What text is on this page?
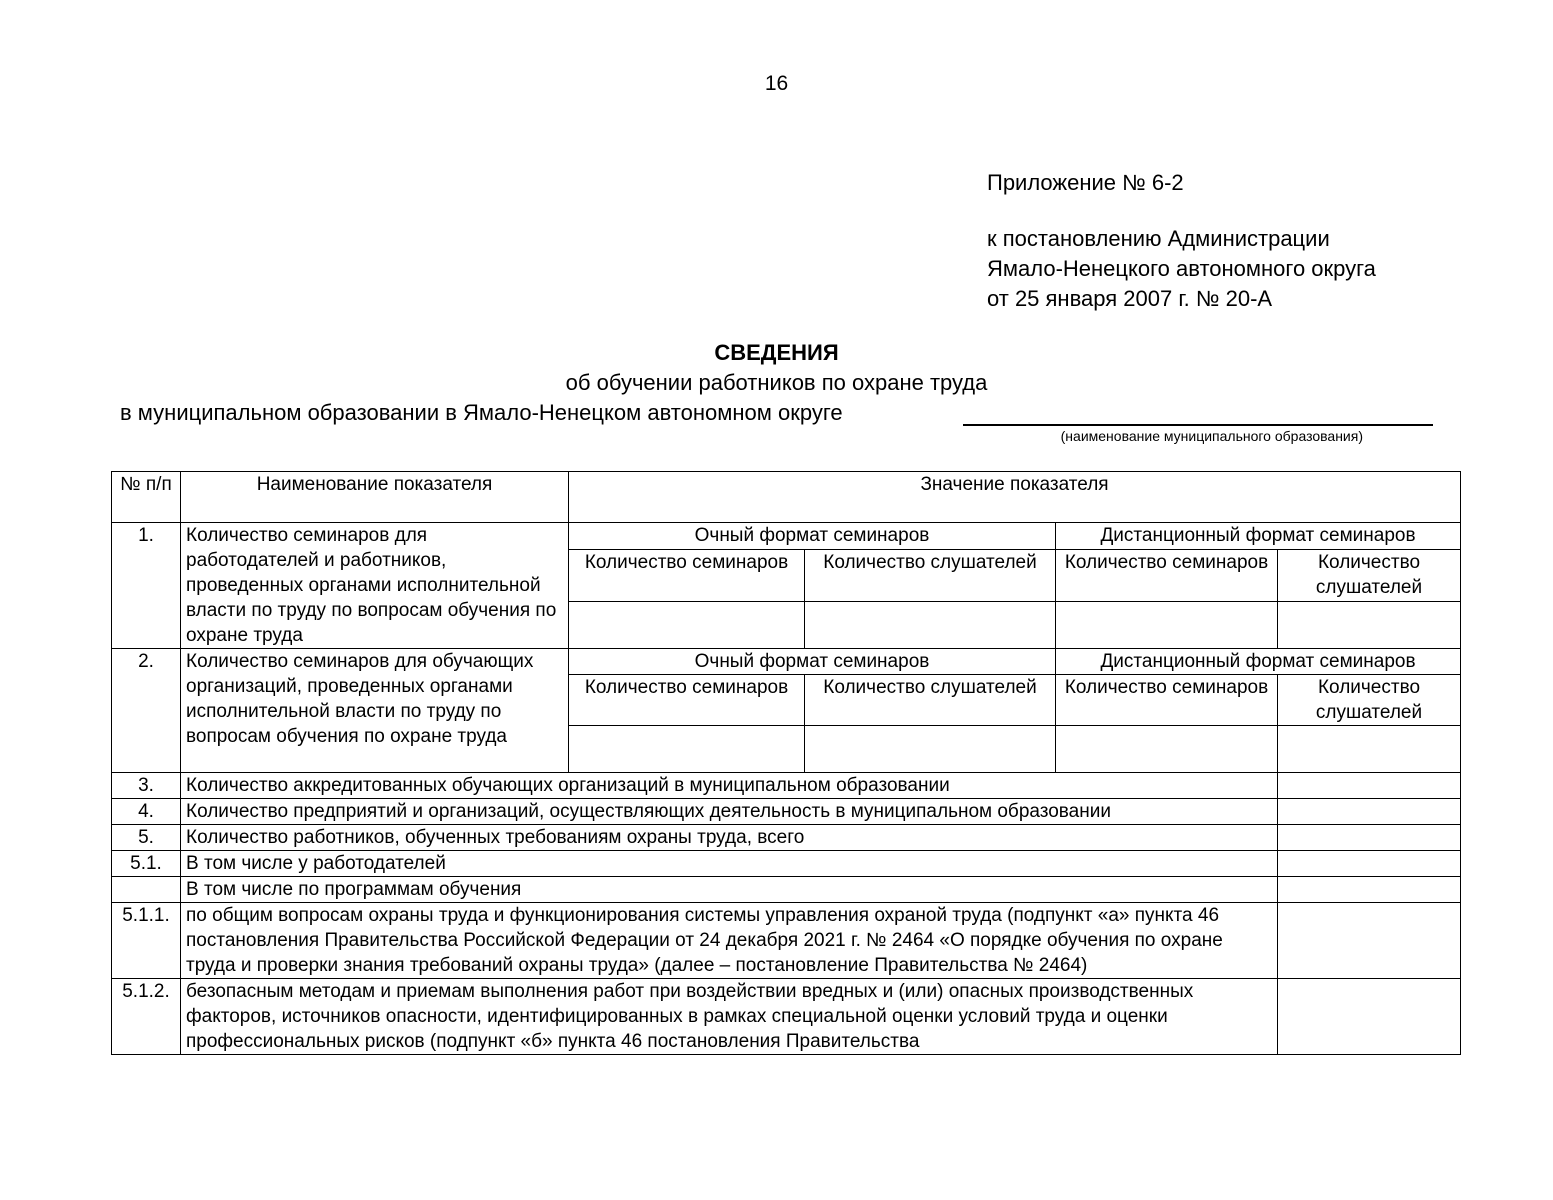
16
Приложение № 6-2
к постановлению Администрации
Ямало-Ненецкого автономного округа
от 25 января 2007 г. № 20-А
СВЕДЕНИЯ
об обучении работников по охране труда
в муниципальном образовании в Ямало-Ненецком автономном округе
(наименование муниципального образования)
№ п/п	Наименование показателя	Значение показателя			
1.	Количество семинаров для работодателей и работников, проведенных органами исполнительной власти по труду по вопросам обучения по охране труда	Очный формат семинаров		Дистанционный формат семинаров	
		Количество семинаров	Количество слушателей	Количество семинаров	Количество слушателей

2.	Количество семинаров для обучающих организаций, проведенных органами исполнительной власти по труду по вопросам обучения по охране труда	Очный формат семинаров		Дистанционный формат семинаров	
		Количество семинаров	Количество слушателей	Количество семинаров	Количество слушателей

3.	Количество аккредитованных обучающих организаций в муниципальном образовании				
4.	Количество предприятий и организаций, осуществляющих деятельность в муниципальном образовании				
5.	Количество работников, обученных требованиям охраны труда, всего				
5.1.	В том числе у работодателей				
	В том числе по программам обучения				
5.1.1.	по общим вопросам охраны труда и функционирования системы управления охраной труда (подпункт «а» пункта 46 постановления Правительства Российской Федерации от 24 декабря 2021 г. № 2464 «О порядке обучения по охране труда и проверки знания требований охраны труда» (далее – постановление Правительства № 2464)				
5.1.2.	безопасным методам и приемам выполнения работ при воздействии вредных и (или) опасных производственных факторов, источников опасности, идентифицированных в рамках специальной оценки условий труда и оценки профессиональных рисков (подпункт «б» пункта 46 постановления Правительства				
